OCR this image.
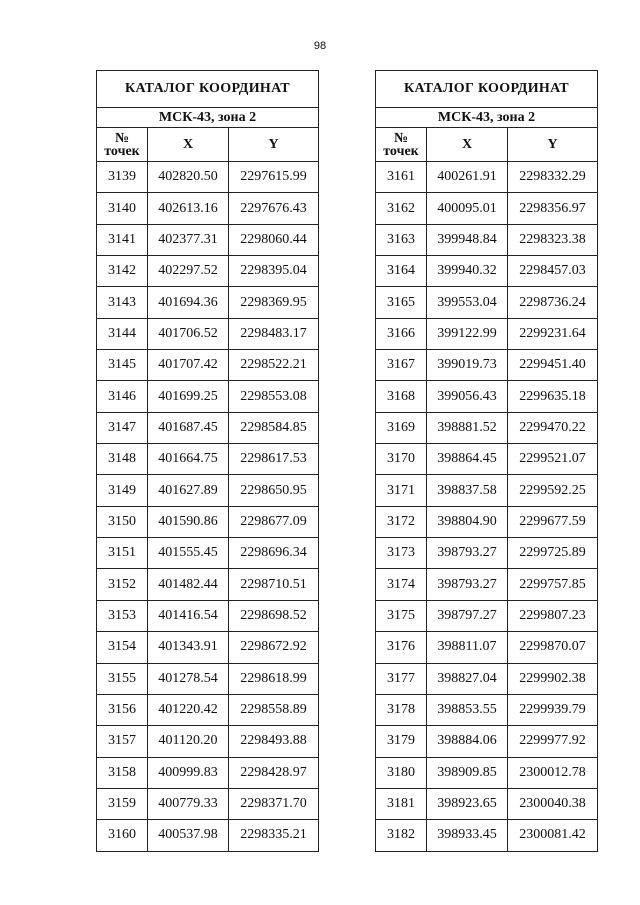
98
КАТАЛОГ КООРДИНАТ		
МСК-43, зона 2		
№ точек	X	Y
3139	402820.50	2297615.99
3140	402613.16	2297676.43
3141	402377.31	2298060.44
3142	402297.52	2298395.04
3143	401694.36	2298369.95
3144	401706.52	2298483.17
3145	401707.42	2298522.21
3146	401699.25	2298553.08
3147	401687.45	2298584.85
3148	401664.75	2298617.53
3149	401627.89	2298650.95
3150	401590.86	2298677.09
3151	401555.45	2298696.34
3152	401482.44	2298710.51
3153	401416.54	2298698.52
3154	401343.91	2298672.92
3155	401278.54	2298618.99
3156	401220.42	2298558.89
3157	401120.20	2298493.88
3158	400999.83	2298428.97
3159	400779.33	2298371.70
3160	400537.98	2298335.21
КАТАЛОГ КООРДИНАТ		
МСК-43, зона 2		
№ точек	X	Y
3161	400261.91	2298332.29
3162	400095.01	2298356.97
3163	399948.84	2298323.38
3164	399940.32	2298457.03
3165	399553.04	2298736.24
3166	399122.99	2299231.64
3167	399019.73	2299451.40
3168	399056.43	2299635.18
3169	398881.52	2299470.22
3170	398864.45	2299521.07
3171	398837.58	2299592.25
3172	398804.90	2299677.59
3173	398793.27	2299725.89
3174	398793.27	2299757.85
3175	398797.27	2299807.23
3176	398811.07	2299870.07
3177	398827.04	2299902.38
3178	398853.55	2299939.79
3179	398884.06	2299977.92
3180	398909.85	2300012.78
3181	398923.65	2300040.38
3182	398933.45	2300081.42
